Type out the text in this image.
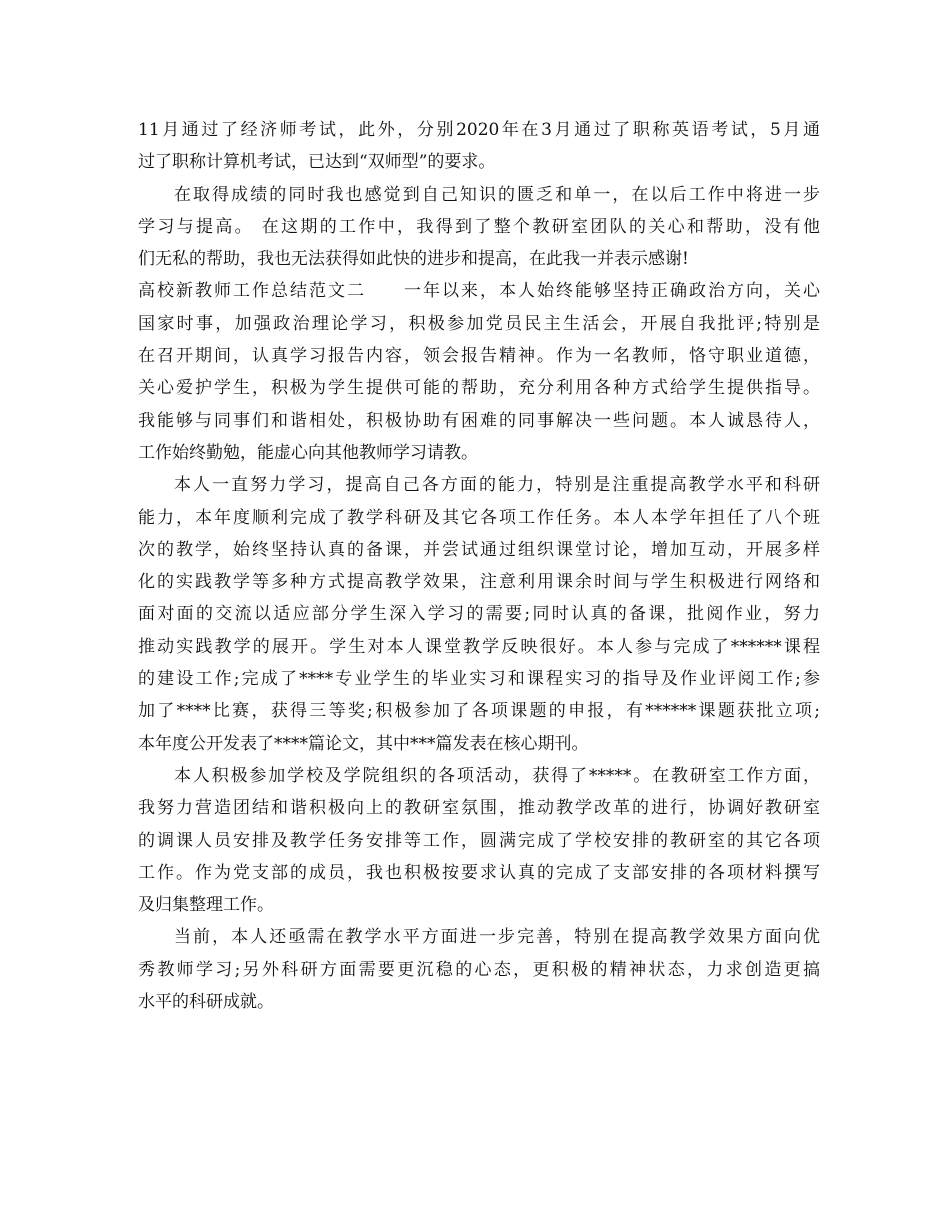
11月通过了经济师考试，此外，分别2020年在3月通过了职称英语考试，5月通
过了职称计算机考试，已达到“双师型”的要求。
在取得成绩的同时我也感觉到自己知识的匮乏和单一，在以后工作中将进一步
学习与提高。 在这期的工作中，我得到了整个教研室团队的关心和帮助，没有他
们无私的帮助，我也无法获得如此快的进步和提高，在此我一并表示感谢!
高校新教师工作总结范文二　　一年以来，本人始终能够坚持正确政治方向，关心
国家时事，加强政治理论学习，积极参加党员民主生活会，开展自我批评;特别是
在召开期间，认真学习报告内容，领会报告精神。作为一名教师，恪守职业道德，
关心爱护学生，积极为学生提供可能的帮助，充分利用各种方式给学生提供指导。
我能够与同事们和谐相处，积极协助有困难的同事解决一些问题。本人诚恳待人，
工作始终勤勉，能虚心向其他教师学习请教。
本人一直努力学习，提高自己各方面的能力，特别是注重提高教学水平和科研
能力，本年度顺利完成了教学科研及其它各项工作任务。本人本学年担任了八个班
次的教学，始终坚持认真的备课，并尝试通过组织课堂讨论，增加互动，开展多样
化的实践教学等多种方式提高教学效果，注意利用课余时间与学生积极进行网络和
面对面的交流以适应部分学生深入学习的需要;同时认真的备课，批阅作业，努力
推动实践教学的展开。学生对本人课堂教学反映很好。本人参与完成了******课程
的建设工作;完成了****专业学生的毕业实习和课程实习的指导及作业评阅工作;参
加了****比赛，获得三等奖;积极参加了各项课题的申报，有******课题获批立项;
本年度公开发表了****篇论文，其中***篇发表在核心期刊。
本人积极参加学校及学院组织的各项活动，获得了*****。在教研室工作方面，
我努力营造团结和谐积极向上的教研室氛围，推动教学改革的进行，协调好教研室
的调课人员安排及教学任务安排等工作，圆满完成了学校安排的教研室的其它各项
工作。作为党支部的成员，我也积极按要求认真的完成了支部安排的各项材料撰写
及归集整理工作。
当前，本人还亟需在教学水平方面进一步完善，特别在提高教学效果方面向优
秀教师学习;另外科研方面需要更沉稳的心态，更积极的精神状态，力求创造更搞
水平的科研成就。
